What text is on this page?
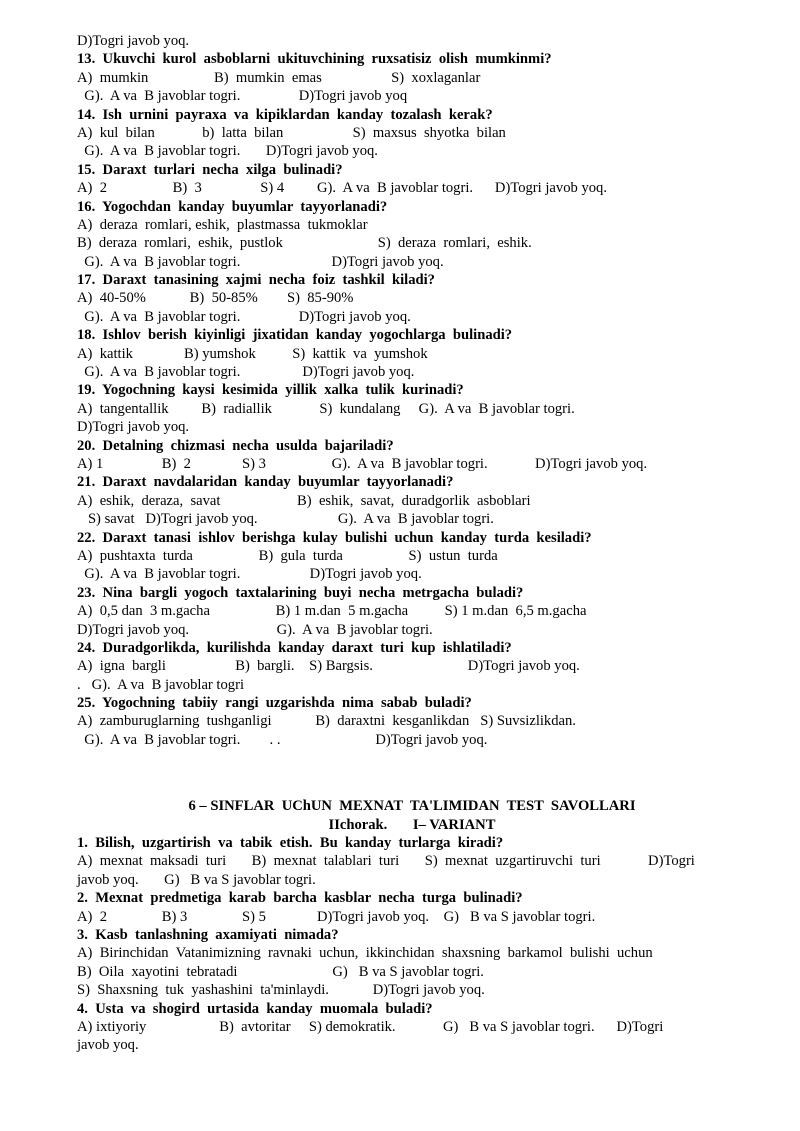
D)Togri javob yoq.
13.  Ukuvchi  kurol  asboblarni  ukituvchining  ruxsatisiz  olish  mumkinmi?
A)  mumkin                  B)  mumkin  emas                   S)  xoxlaganlar
G).  A va  B javoblar togri.                D)Togri javob yoq
14.  Ish  urnini  payraxa  va  kipiklardan  kanday  tozalash  kerak?
A)  kul  bilan             b)  latta  bilan                   S)  maxsus  shyotka  bilan
G).  A va  B javoblar togri.       D)Togri javob yoq.
15.  Daraxt  turlari  necha  xilga  bulinadi?
A)  2                  B)  3                S) 4         G).  A va  B javoblar togri.      D)Togri javob yoq.
16.  Yogochdan  kanday  buyumlar  tayyorlanadi?
A)  deraza  romlari, eshik,  plastmassa  tukmoklar
B)  deraza  romlari,  eshik,  pustlok                          S)  deraza  romlari,  eshik.
G).  A va  B javoblar togri.                         D)Togri javob yoq.
17.  Daraxt  tanasining  xajmi  necha  foiz  tashkil  kiladi?
A)  40-50%            B)  50-85%        S)  85-90%
G).  A va  B javoblar togri.                D)Togri javob yoq.
18.  Ishlov  berish  kiyinligi  jixatidan  kanday  yogochlarga  bulinadi?
A)  kattik              B) yumshok          S)  kattik  va  yumshok
G).  A va  B javoblar togri.                 D)Togri javob yoq.
19.  Yogochning  kaysi  kesimida  yillik  xalka  tulik  kurinadi?
A)  tangentallik         B)  radiallik             S)  kundalang     G).  A va  B javoblar togri.
D)Togri javob yoq.
20.  Detalning  chizmasi  necha  usulda  bajariladi?
A) 1                B)  2              S) 3                  G).  A va  B javoblar togri.             D)Togri javob yoq.
21.  Daraxt  navdalaridan  kanday  buyumlar  tayyorlanadi?
A)  eshik,  deraza,  savat                     B)  eshik,  savat,  duradgorlik  asboblari
S) savat   D)Togri javob yoq.                      G).  A va  B javoblar togri.
22.  Daraxt  tanasi  ishlov  berishga  kulay  bulishi  uchun  kanday  turda  kesiladi?
A)  pushtaxta  turda                  B)  gula  turda                  S)  ustun  turda
G).  A va  B javoblar togri.                   D)Togri javob yoq.
23.  Nina  bargli  yogoch  taxtalarining  buyi  necha  metrgacha  buladi?
A)  0,5 dan  3 m.gacha                  B) 1 m.dan  5 m.gacha          S) 1 m.dan  6,5 m.gacha
D)Togri javob yoq.                        G).  A va  B javoblar togri.
24.  Duradgorlikda,  kurilishda  kanday  daraxt  turi  kup  ishlatiladi?
A)  igna  bargli                   B)  bargli.    S) Bargsis.                          D)Togri javob yoq.
.   G).  A va  B javoblar togri
25.  Yogochning  tabiiy  rangi  uzgarishda  nima  sabab  buladi?
A)  zamburuglarning  tushganligi            B)  daraxtni  kesganlikdan   S) Suvsizlikdan.
G).  A va  B javoblar togri.        . .                          D)Togri javob yoq.
6 – SINFLAR  UChUN  MEXNAT  TA'LIMIDAN  TEST  SAVOLLARI
IIchorak.       I– VARIANT
1.  Bilish,  uzgartirish  va  tabik  etish.  Bu  kanday  turlarga  kiradi?
A)  mexnat  maksadi  turi       B)  mexnat  talablari  turi       S)  mexnat  uzgartiruvchi  turi             D)Togri
javob yoq.       G)   B va S javoblar togri.
2.  Mexnat  predmetiga  karab  barcha  kasblar  necha  turga  bulinadi?
A)  2               B) 3               S) 5              D)Togri javob yoq.    G)   B va S javoblar togri.
3.  Kasb  tanlashning  axamiyati  nimada?
A)  Birinchidan  Vatanimizning  ravnaki  uchun,  ikkinchidan  shaxsning  barkamol  bulishi  uchun
B)  Oila  xayotini  tebratadi                          G)   B va S javoblar togri.
S)  Shaxsning  tuk  yashashini  ta'minlaydi.            D)Togri javob yoq.
4.  Usta  va  shogird  urtasida  kanday  muomala  buladi?
A) ixtiyoriy                    B)  avtoritar     S) demokratik.             G)   B va S javoblar togri.      D)Togri
javob yoq.
